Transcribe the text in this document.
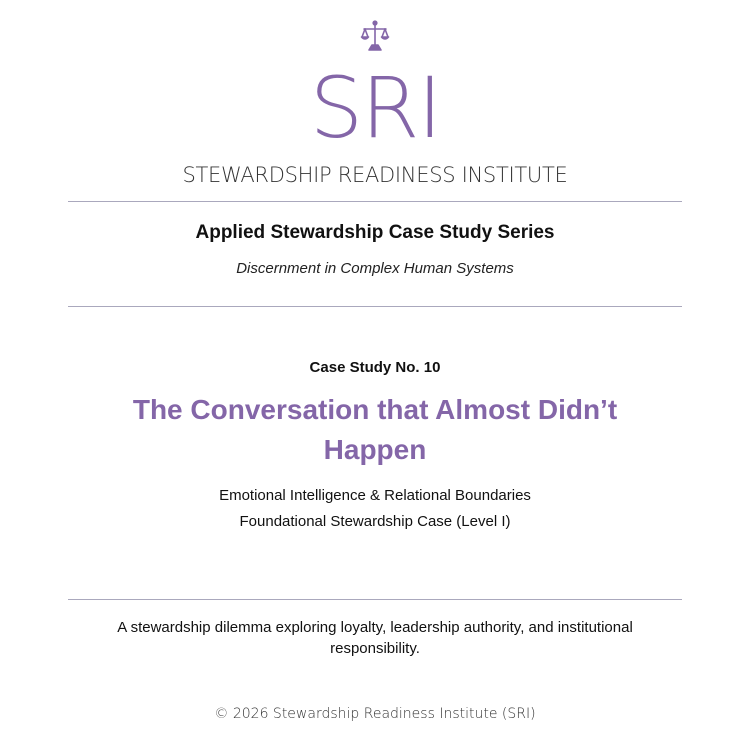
SRI
STEWARDSHIP READINESS INSTITUTE
Applied Stewardship Case Study Series
Discernment in Complex Human Systems
Case Study No. 10
The Conversation that Almost Didn’t Happen
Emotional Intelligence & Relational Boundaries
Foundational Stewardship Case (Level I)
A stewardship dilemma exploring loyalty, leadership authority, and institutional responsibility.
© 2026 Stewardship Readiness Institute (SRI)
